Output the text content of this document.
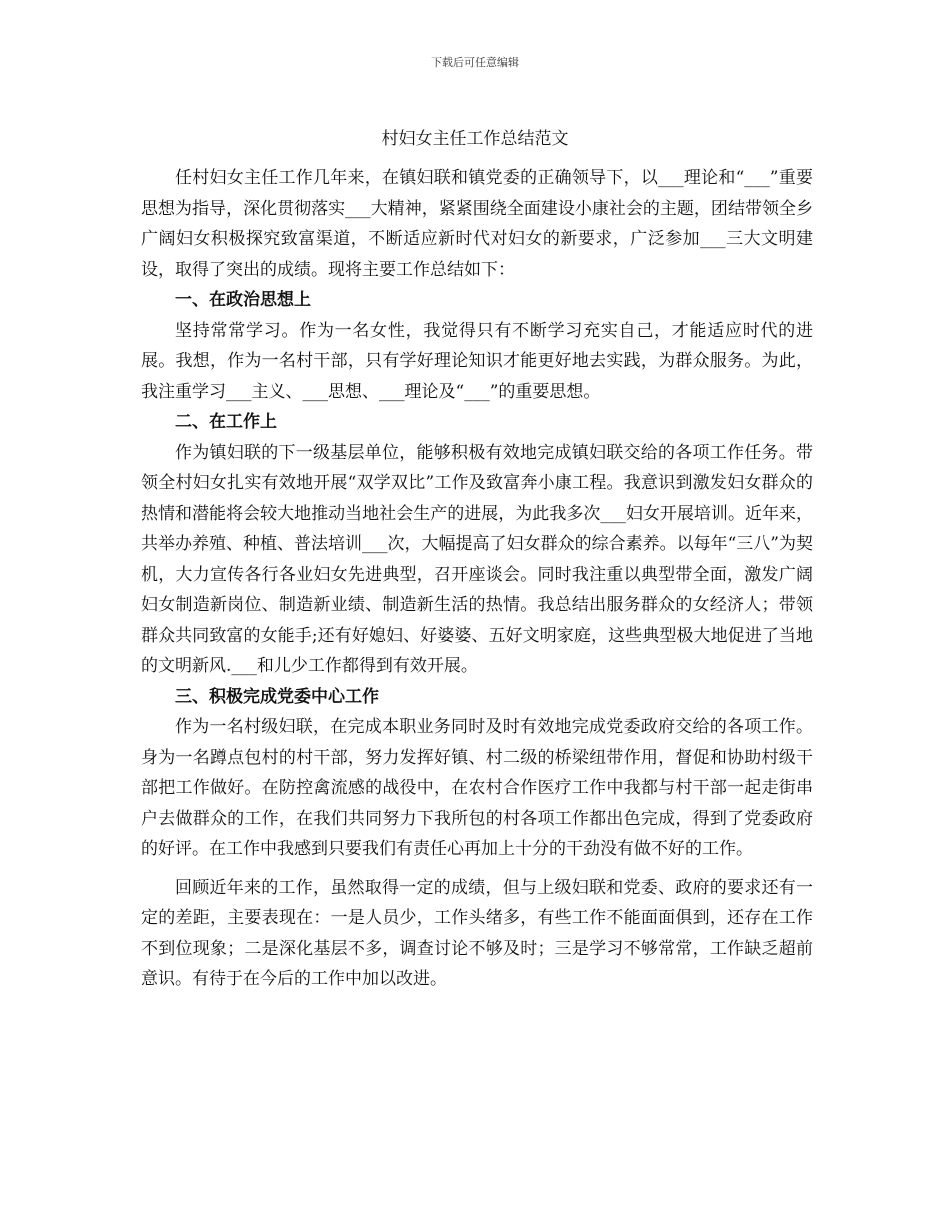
下载后可任意编辑
村妇女主任工作总结范文

任村妇女主任工作几年来，在镇妇联和镇党委的正确领导下，以___理论和“___”重要思想为指导，深化贯彻落实___大精神，紧紧围绕全面建设小康社会的主题，团结带领全乡广阔妇女积极探究致富渠道，不断适应新时代对妇女的新要求，广泛参加___三大文明建设，取得了突出的成绩。现将主要工作总结如下：

一、在政治思想上

坚持常常学习。作为一名女性，我觉得只有不断学习充实自己，才能适应时代的进展。我想，作为一名村干部，只有学好理论知识才能更好地去实践，为群众服务。为此，我注重学习___主义、___思想、___理论及“___”的重要思想。

二、在工作上

作为镇妇联的下一级基层单位，能够积极有效地完成镇妇联交给的各项工作任务。带领全村妇女扎实有效地开展“双学双比”工作及致富奔小康工程。我意识到激发妇女群众的热情和潜能将会较大地推动当地社会生产的进展，为此我多次___妇女开展培训。近年来，共举办养殖、种植、普法培训___次，大幅提高了妇女群众的综合素养。以每年“三八”为契机，大力宣传各行各业妇女先进典型，召开座谈会。同时我注重以典型带全面，激发广阔妇女制造新岗位、制造新业绩、制造新生活的热情。我总结出服务群众的女经济人；带领群众共同致富的女能手;还有好媳妇、好婆婆、五好文明家庭，这些典型极大地促进了当地的文明新风.___和儿少工作都得到有效开展。

三、积极完成党委中心工作

作为一名村级妇联，在完成本职业务同时及时有效地完成党委政府交给的各项工作。身为一名蹲点包村的村干部，努力发挥好镇、村二级的桥梁纽带作用，督促和协助村级干部把工作做好。在防控禽流感的战役中，在农村合作医疗工作中我都与村干部一起走街串户去做群众的工作，在我们共同努力下我所包的村各项工作都出色完成，得到了党委政府的好评。在工作中我感到只要我们有责任心再加上十分的干劲没有做不好的工作。

回顾近年来的工作，虽然取得一定的成绩，但与上级妇联和党委、政府的要求还有一定的差距，主要表现在：一是人员少，工作头绪多，有些工作不能面面俱到，还存在工作不到位现象；二是深化基层不多，调查讨论不够及时；三是学习不够常常，工作缺乏超前意识。有待于在今后的工作中加以改进。
